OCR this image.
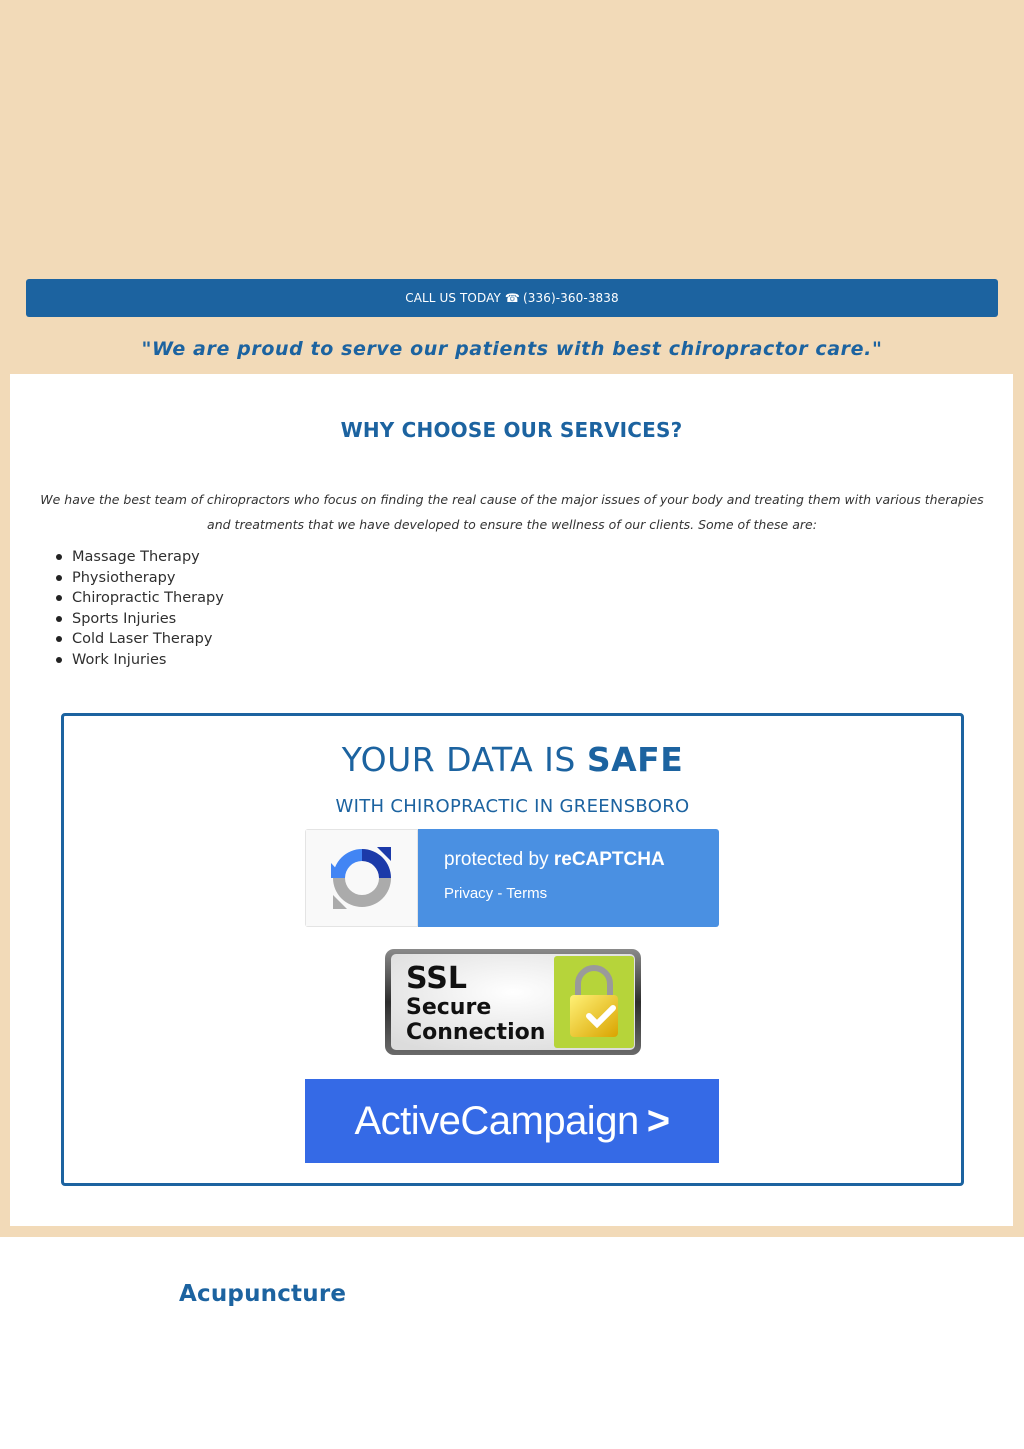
CALL US TODAY ☎ (336)-360-3838
"We are proud to serve our patients with best chiropractor care."
WHY CHOOSE OUR SERVICES?

We have the best team of chiropractors who focus on finding the real cause of the major issues of your body and treating them with various therapies and treatments that we have developed to ensure the wellness of our clients. Some of these are:

Massage Therapy
Physiotherapy
Chiropractic Therapy
Sports Injuries
Cold Laser Therapy
Work Injuries
YOUR DATA IS SAFE
WITH CHIROPRACTIC IN GREENSBORO
protected by reCAPTCHA
Privacy - Terms
SSL
Secure
Connection
ActiveCampaign >
Acupuncture
